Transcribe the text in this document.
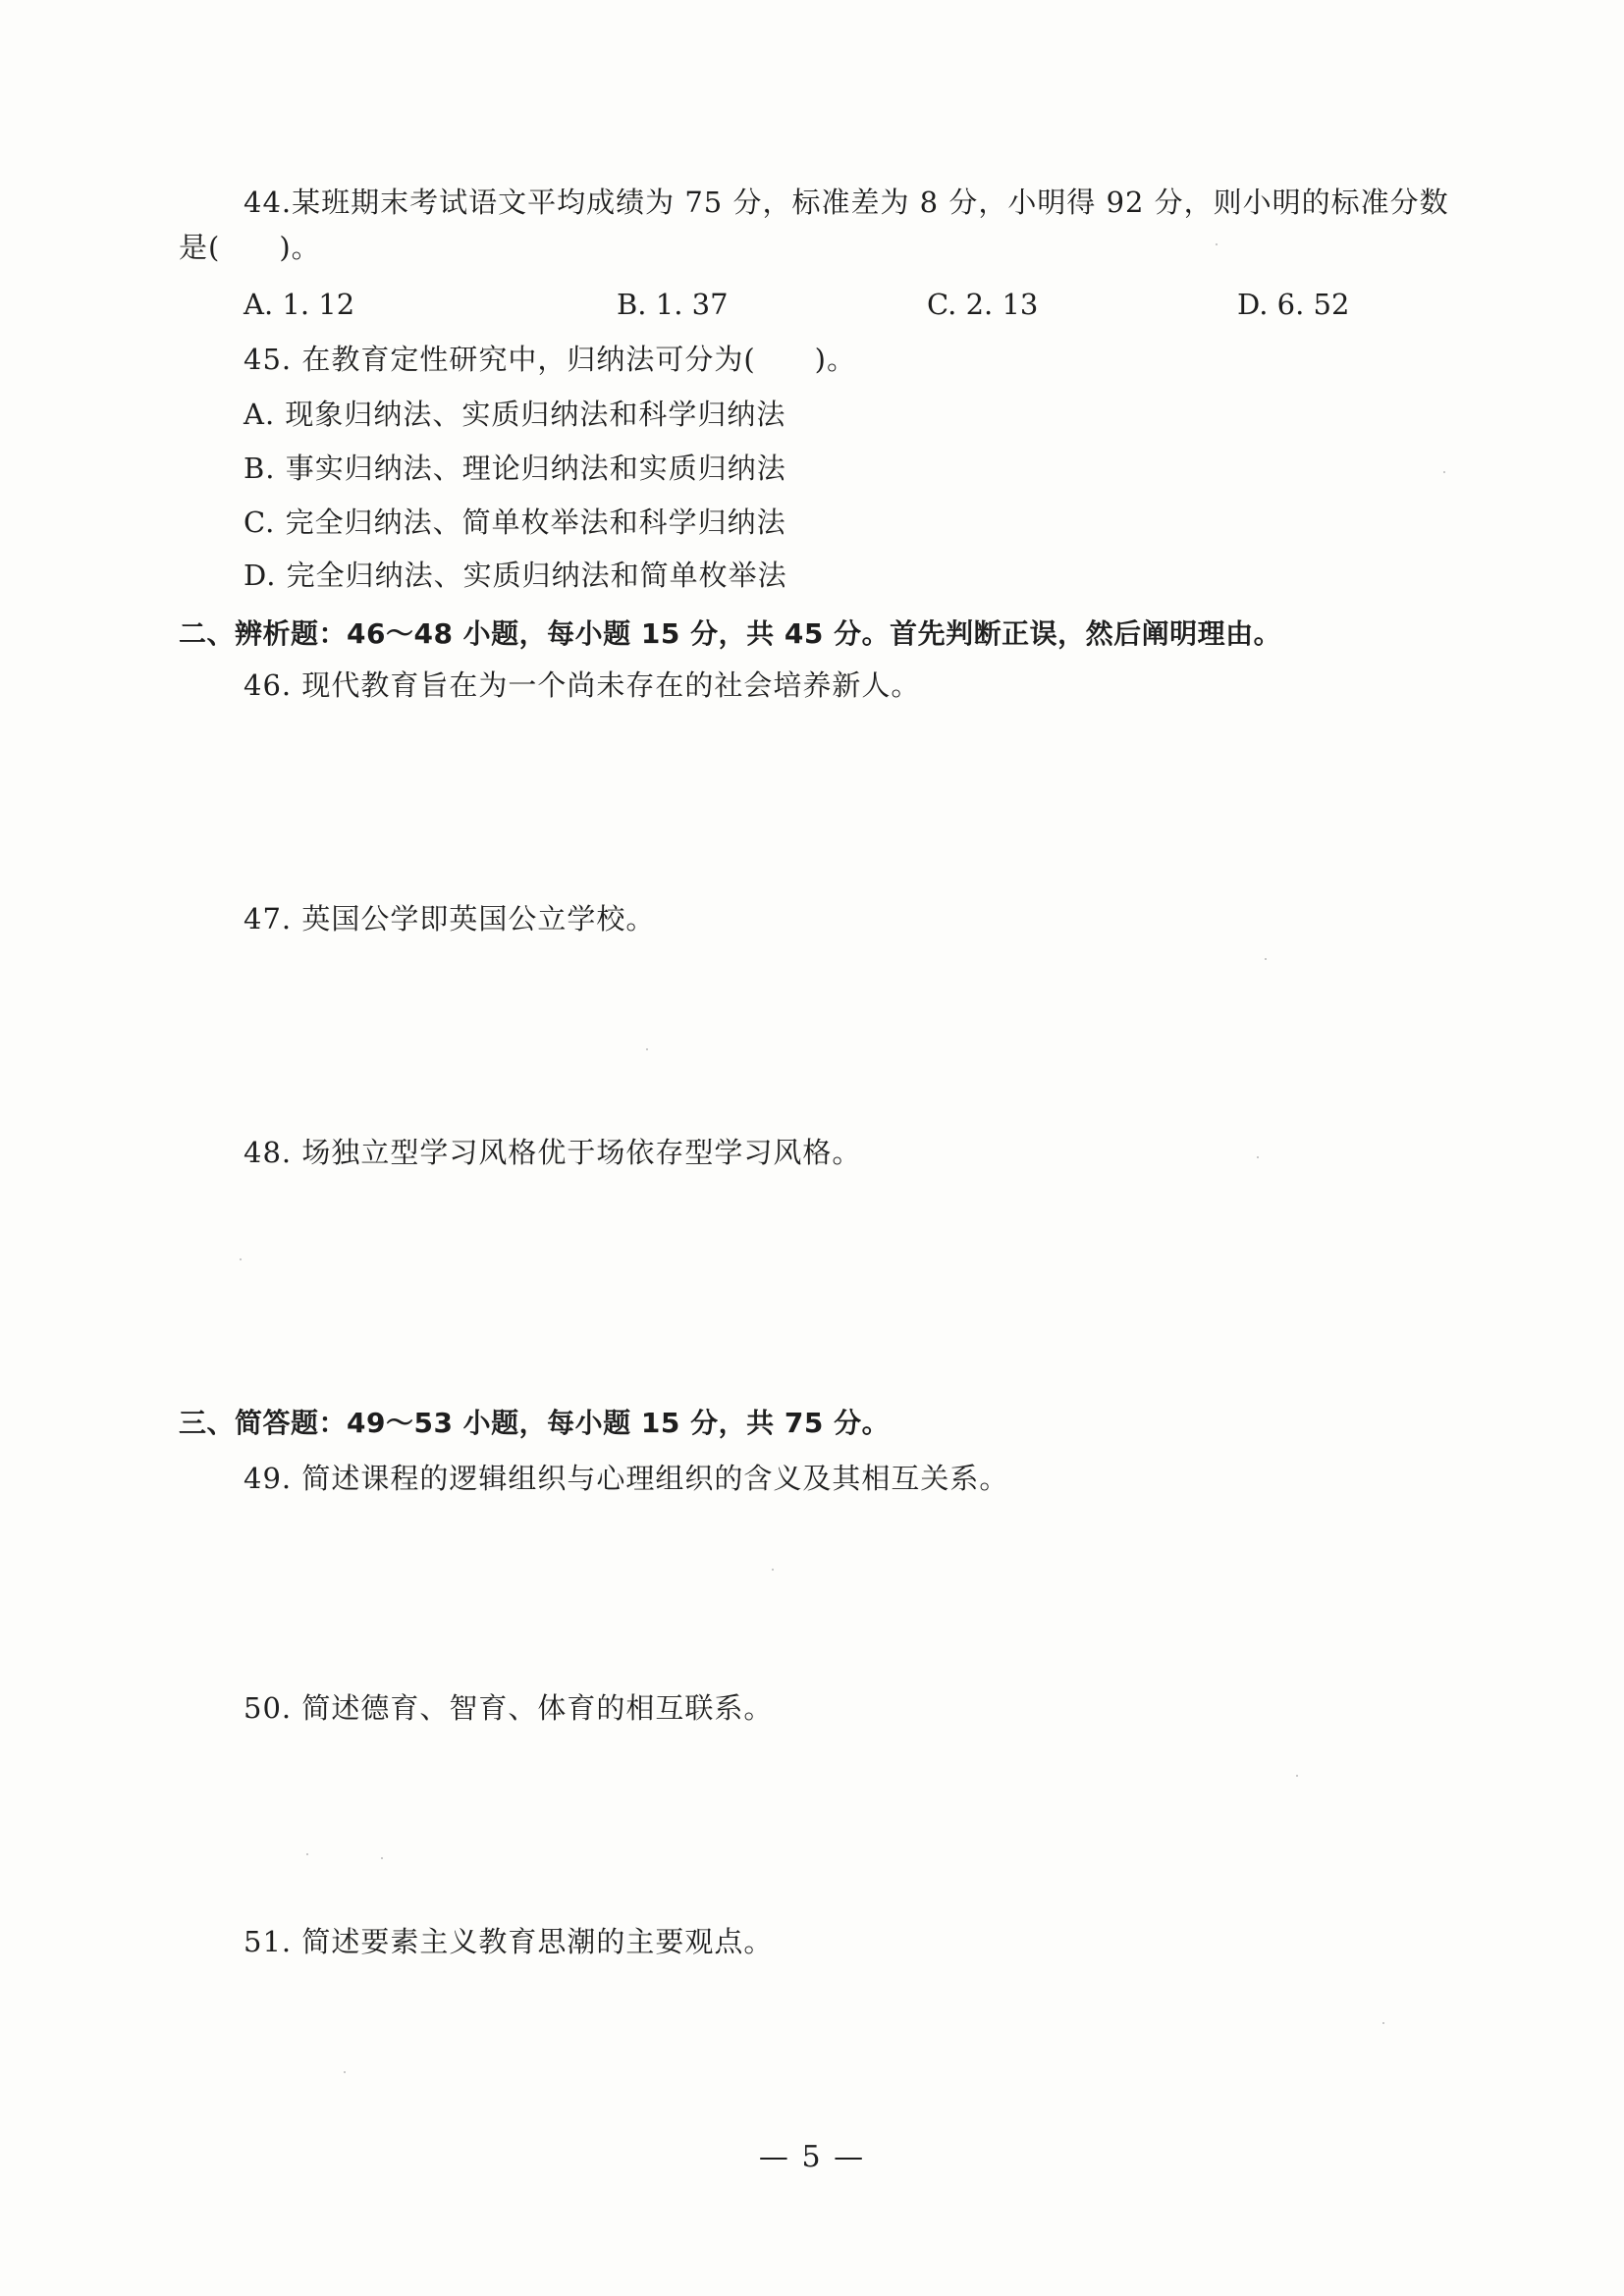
44.某班期末考试语文平均成绩为 75 分，标准差为 8 分，小明得 92 分，则小明的标准分数
是(　　)。
A. 1. 12	B. 1. 37	C. 2. 13	D. 6. 52
45. 在教育定性研究中，归纳法可分为(　　)。
A. 现象归纳法、实质归纳法和科学归纳法
B. 事实归纳法、理论归纳法和实质归纳法
C. 完全归纳法、简单枚举法和科学归纳法
D. 完全归纳法、实质归纳法和简单枚举法
二、辨析题：46～48 小题，每小题 15 分，共 45 分。首先判断正误，然后阐明理由。
46. 现代教育旨在为一个尚未存在的社会培养新人。
47. 英国公学即英国公立学校。
48. 场独立型学习风格优于场依存型学习风格。
三、简答题：49～53 小题，每小题 15 分，共 75 分。
49. 简述课程的逻辑组织与心理组织的含义及其相互关系。
50. 简述德育、智育、体育的相互联系。
51. 简述要素主义教育思潮的主要观点。
— 5 —
